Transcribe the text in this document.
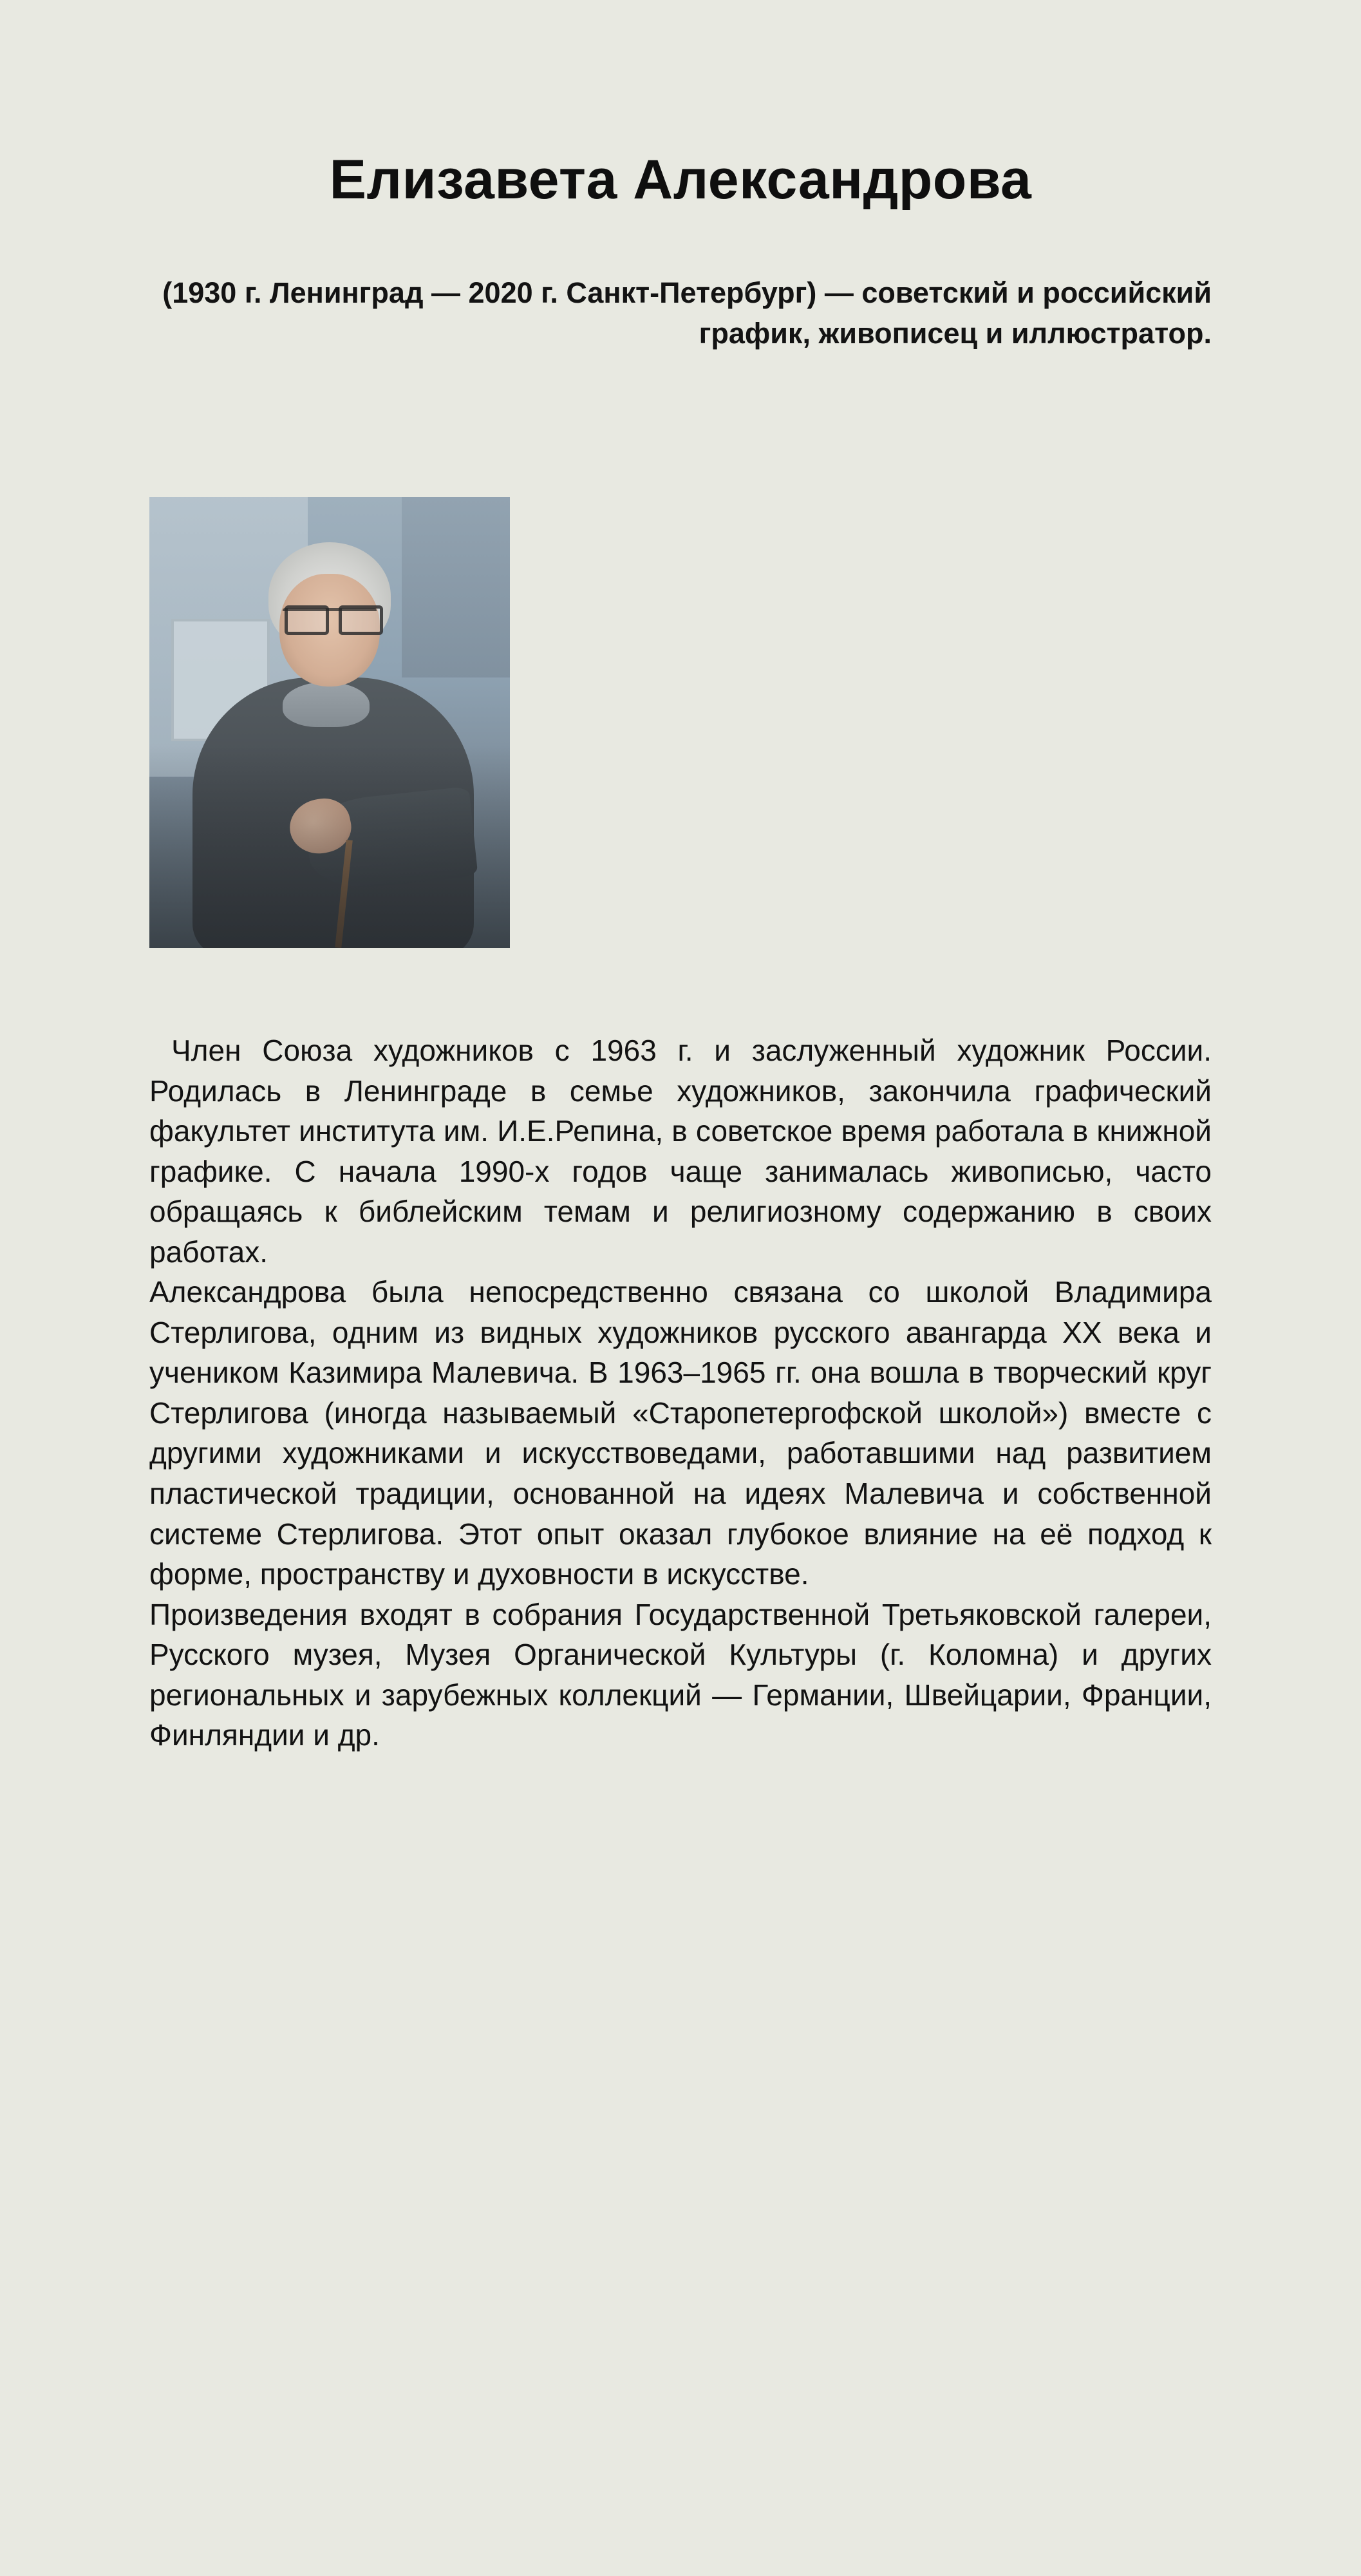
Елизавета Александрова

(1930 г. Ленинград — 2020 г. Санкт-Петербург) — советский и российский график, живописец и иллюстратор.

Член Союза художников с 1963 г. и заслуженный художник России. Родилась в Ленинграде в семье художников, закончила графический факультет института им. И.Е.Репина, в советское время работала в книжной графике. С начала 1990-х годов чаще занималась живописью, часто обращаясь к библейским темам и религиозному содержанию в своих работах.

Александрова была непосредственно связана со школой Владимира Стерлигова, одним из видных художников русского авангарда XX века и учеником Казимира Малевича. В 1963–1965 гг. она вошла в творческий круг Стерлигова (иногда называемый «Старопетергофской школой») вместе с другими художниками и искусствоведами, работавшими над развитием пластической традиции, основанной на идеях Малевича и собственной системе Стерлигова. Этот опыт оказал глубокое влияние на её подход к форме, пространству и духовности в искусстве.

Произведения входят в собрания Государственной Третьяковской галереи, Русского музея, Музея Органической Культуры (г. Коломна) и других региональных и зарубежных коллекций — Германии, Швейцарии, Франции, Финляндии и др.
